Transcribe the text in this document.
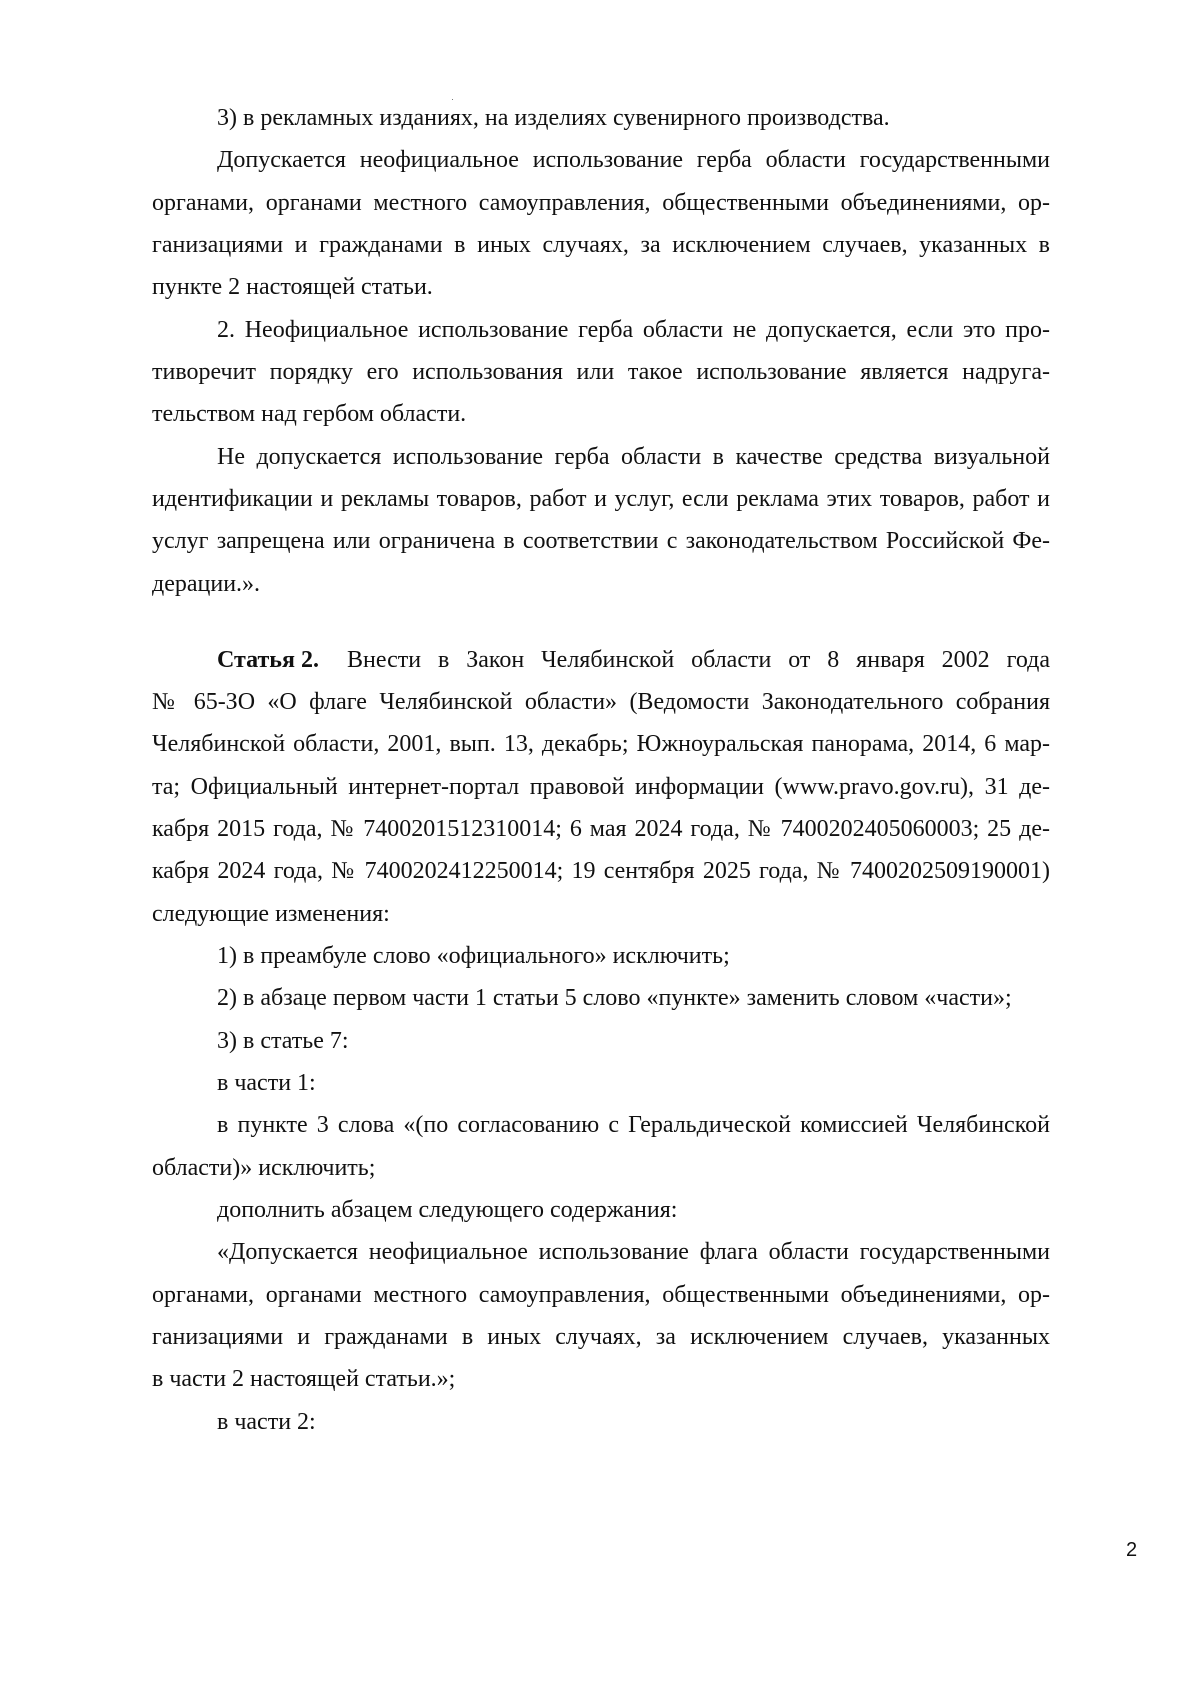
3) в рекламных изданиях, на изделиях сувенирного производства.
Допускается неофициальное использование герба области государственными
органами, органами местного самоуправления, общественными объединениями, ор-
ганизациями и гражданами в иных случаях, за исключением случаев, указанных в
пункте 2 настоящей статьи.
2. Неофициальное использование герба области не допускается, если это про-
тиворечит порядку его использования или такое использование является надруга-
тельством над гербом области.
Не допускается использование герба области в качестве средства визуальной
идентификации и рекламы товаров, работ и услуг, если реклама этих товаров, работ и
услуг запрещена или ограничена в соответствии с законодательством Российской Фе-
дерации.».
Статья 2. Внести в Закон Челябинской области от 8 января 2002 года
№ 65-ЗО «О флаге Челябинской области» (Ведомости Законодательного собрания
Челябинской области, 2001, вып. 13, декабрь; Южноуральская панорама, 2014, 6 мар-
та; Официальный интернет-портал правовой информации (www.pravo.gov.ru), 31 де-
кабря 2015 года, № 7400201512310014; 6 мая 2024 года, № 7400202405060003; 25 де-
кабря 2024 года, № 7400202412250014; 19 сентября 2025 года, № 7400202509190001)
следующие изменения:
1) в преамбуле слово «официального» исключить;
2) в абзаце первом части 1 статьи 5 слово «пункте» заменить словом «части»;
3) в статье 7:
в части 1:
в пункте 3 слова «(по согласованию с Геральдической комиссией Челябинской
области)» исключить;
дополнить абзацем следующего содержания:
«Допускается неофициальное использование флага области государственными
органами, органами местного самоуправления, общественными объединениями, ор-
ганизациями и гражданами в иных случаях, за исключением случаев, указанных
в части 2 настоящей статьи.»;
в части 2:
2
